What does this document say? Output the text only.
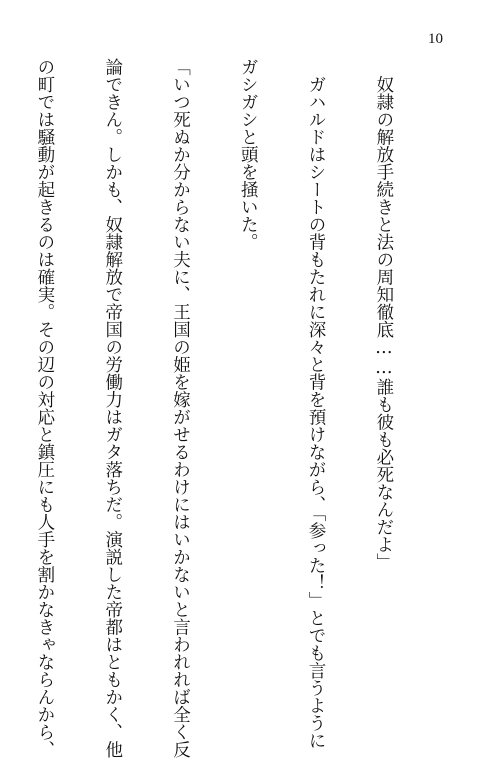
10

　奴隷の解放手続きと法の周知徹底……誰も彼も必死なんだよ」

　ガハルドはシートの背もたれに深々と背を預けながら、「参った！」とでも言うように

ガシガシと頭を掻いた。

「いつ死ぬか分からない夫に、王国の姫を嫁がせるわけにはいかないと言われれば全く反

論できん。しかも、奴隷解放で帝国の労働力はガタ落ちだ。演説した帝都はともかく、他

の町では騒動が起きるのは確実。その辺の対応と鎮圧にも人手を割かなきゃならんから、
